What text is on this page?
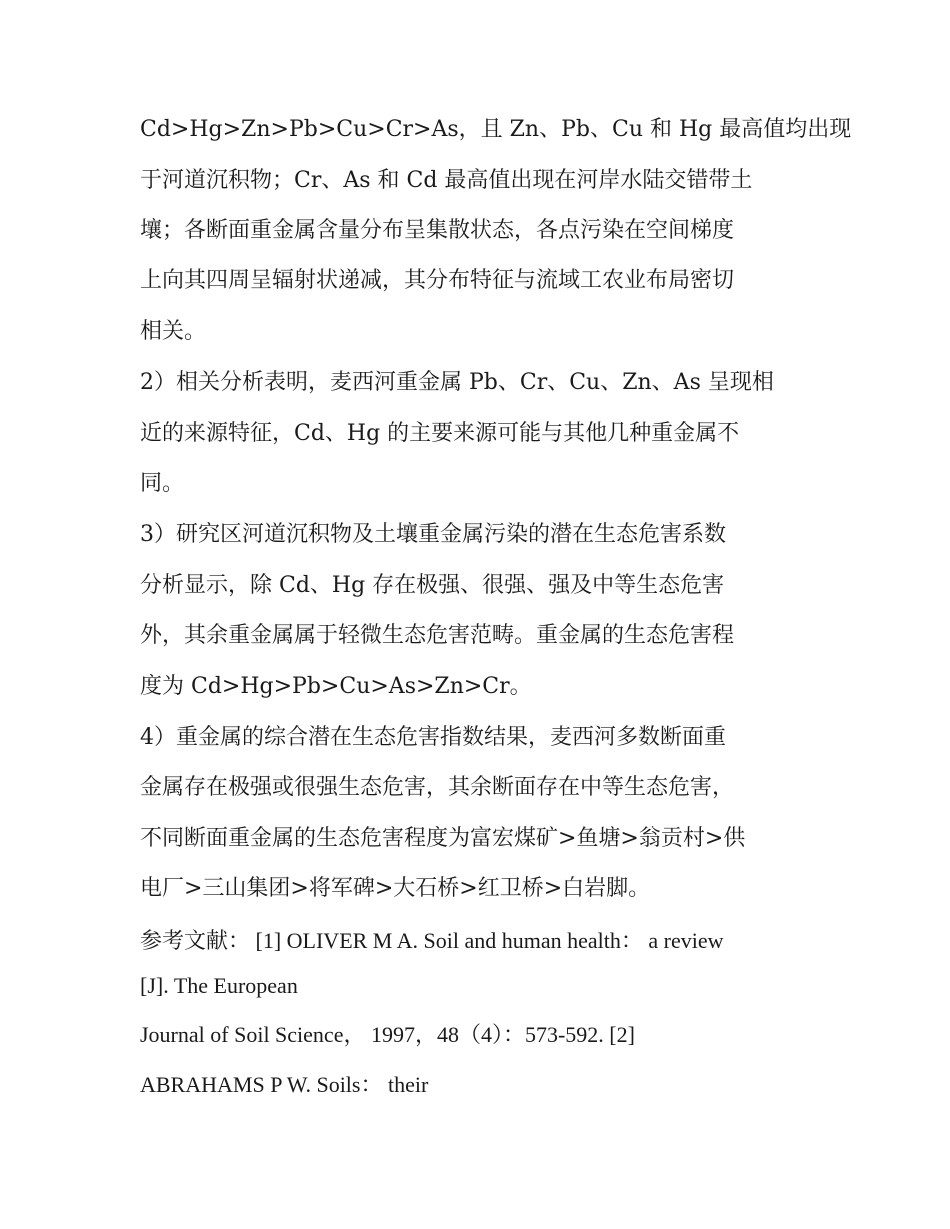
Cd>Hg>Zn>Pb>Cu>Cr>As，且 Zn、Pb、Cu 和 Hg 最高值均出现
于河道沉积物；Cr、As 和 Cd 最高值出现在河岸水陆交错带土
壤；各断面重金属含量分布呈集散状态，各点污染在空间梯度
上向其四周呈辐射状递减，其分布特征与流域工农业布局密切
相关。
2）相关分析表明，麦西河重金属 Pb、Cr、Cu、Zn、As 呈现相
近的来源特征，Cd、Hg 的主要来源可能与其他几种重金属不
同。
3）研究区河道沉积物及土壤重金属污染的潜在生态危害系数
分析显示，除 Cd、Hg 存在极强、很强、强及中等生态危害
外，其余重金属属于轻微生态危害范畴。重金属的生态危害程
度为 Cd>Hg>Pb>Cu>As>Zn>Cr。
4）重金属的综合潜在生态危害指数结果，麦西河多数断面重
金属存在极强或很强生态危害，其余断面存在中等生态危害，
不同断面重金属的生态危害程度为富宏煤矿>鱼塘>翁贡村>供
电厂>三山集团>将军碑>大石桥>红卫桥>白岩脚。
参考文献： [1] OLIVER M A. Soil and human health： a review
[J]. The European
Journal of Soil Science， 1997，48（4）：573-592. [2]
ABRAHAMS P W. Soils： their
